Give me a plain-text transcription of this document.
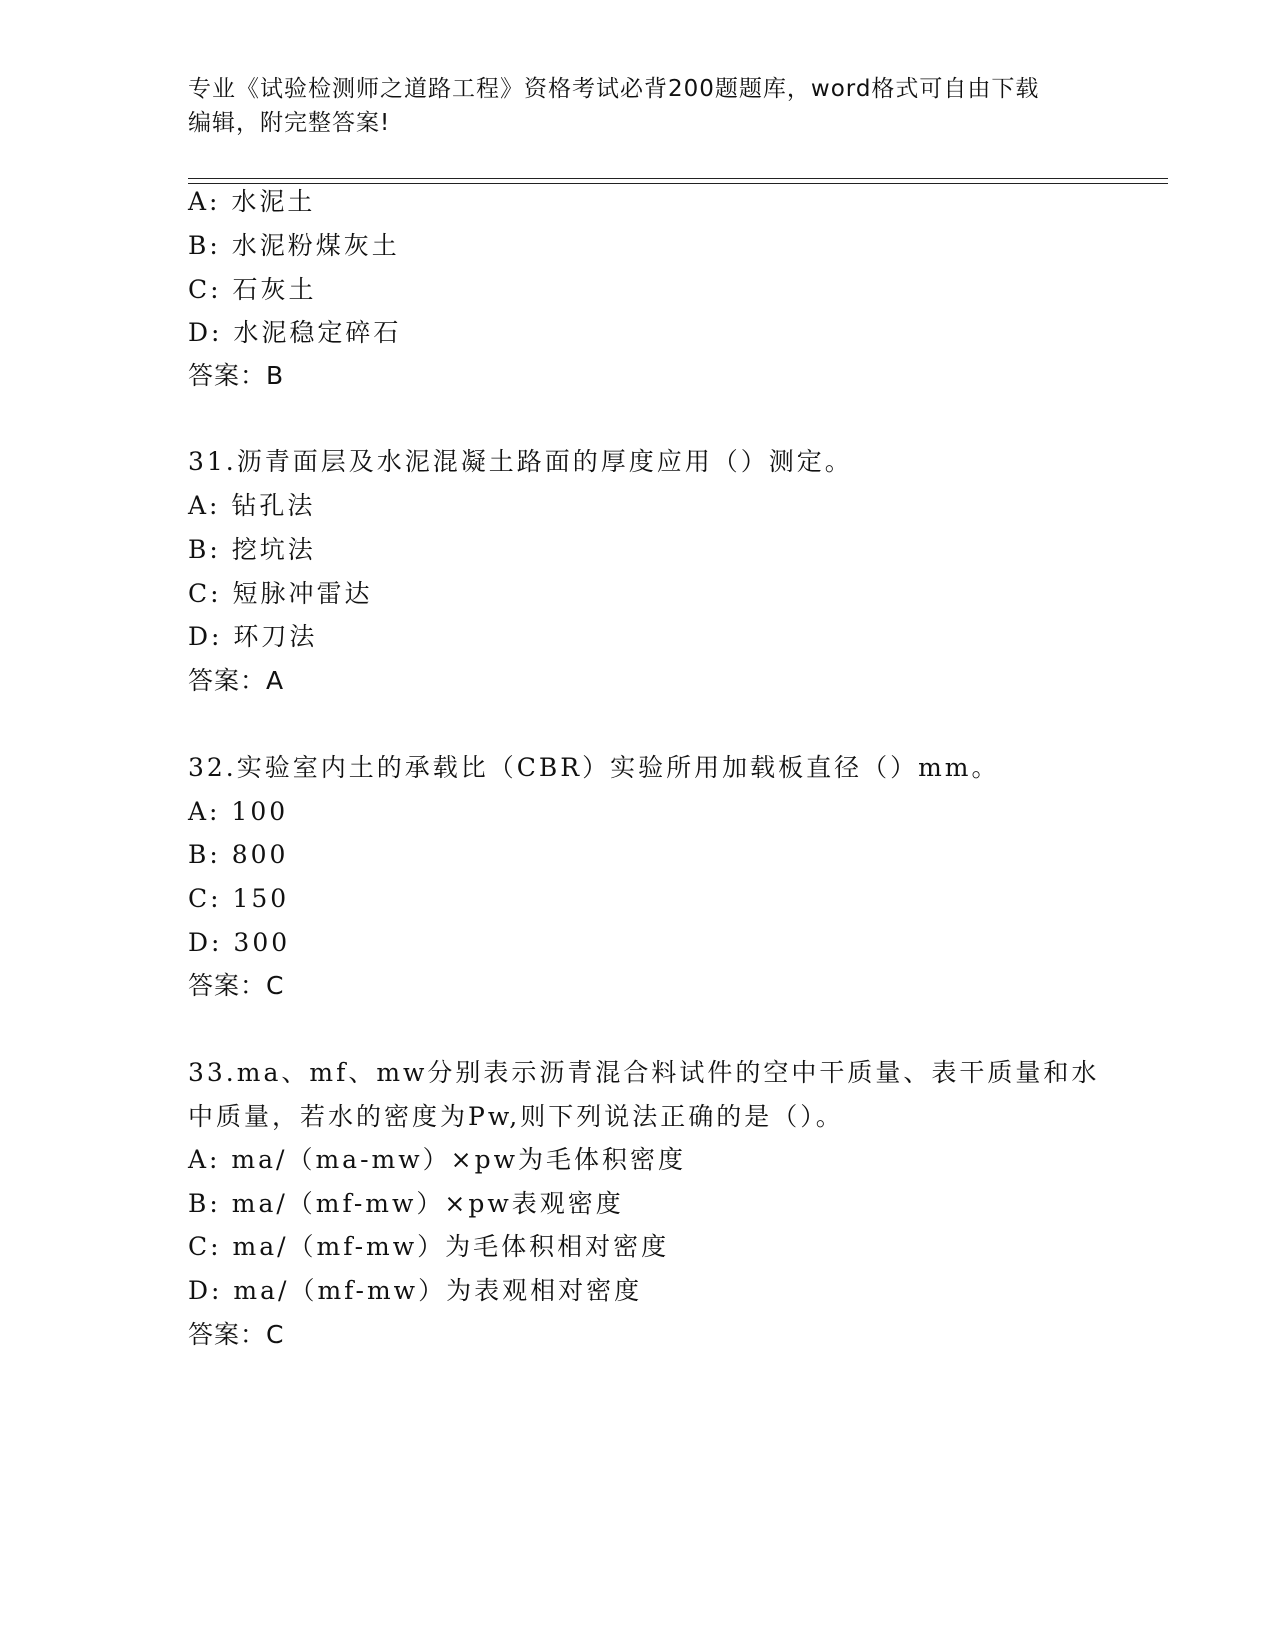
专业《试验检测师之道路工程》资格考试必背200题题库，word格式可自由下载
编辑，附完整答案!
A: 水泥土
B: 水泥粉煤灰土
C: 石灰土
D: 水泥稳定碎石
答案：B
31.沥青面层及水泥混凝土路面的厚度应用（）测定。
A: 钻孔法
B: 挖坑法
C: 短脉冲雷达
D: 环刀法
答案：A
32.实验室内土的承载比（CBR）实验所用加载板直径（）mm。
A: 100
B: 800
C: 150
D: 300
答案：C
33.ma、mf、mw分别表示沥青混合料试件的空中干质量、表干质量和水
中质量，若水的密度为Pw,则下列说法正确的是（）。
A: ma/（ma-mw）×pw为毛体积密度
B: ma/（mf-mw）×pw表观密度
C: ma/（mf-mw）为毛体积相对密度
D: ma/（mf-mw）为表观相对密度
答案：C
